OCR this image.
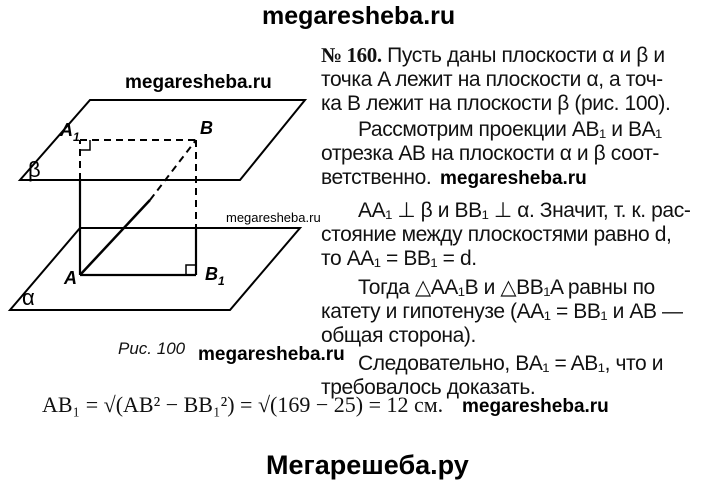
megaresheba.ru
megaresheba.ru
megaresheba.ru
megaresheba.ru
megaresheba.ru
megaresheba.ru
Мегарешеба.ру
$A_1$	B
A	$B_1$
β
α
Рис. 100
№ 160. Пусть даны плоскости α и β и
точка A лежит на плоскости α, а точ-
ка B лежит на плоскости β (рис. 100).
Рассмотрим проекции AB₁ и BA₁
отрезка AB на плоскости α и β соот-
ветственно.
AA₁ ⊥ β и BB₁ ⊥ α. Значит, т. к. рас-
стояние между плоскостями равно d,
то AA₁ = BB₁ = d.
Тогда △AA₁B и △BB₁A равны по
катету и гипотенузе (AA₁ = BB₁ и AB —
общая сторона).
Следовательно, BA₁ = AB₁, что и
требовалось доказать.
AB₁ = √(AB² − BB₁²) = √(169 − 25) = 12 см.
